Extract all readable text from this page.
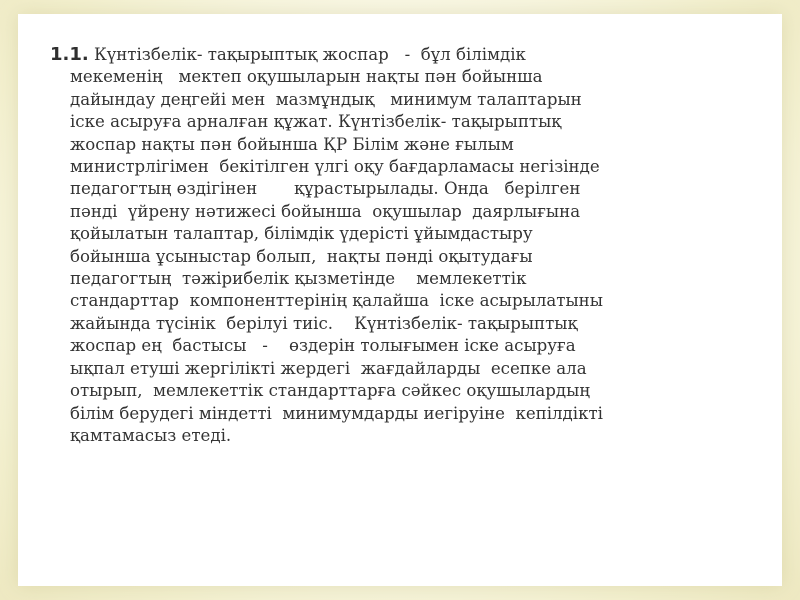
1.1. Күнтізбелік- тақырыптық жоспар   -  бұл білімдік
мекеменің   мектеп оқушыларын нақты пән бойынша
дайындау деңгейі мен  мазмұндық   минимум талаптарын
іске асыруға арналған құжат. Күнтізбелік- тақырыптық
жоспар нақты пән бойынша ҚР Білім және ғылым
министрлігімен  бекітілген үлгі оқу бағдарламасы негізінде
педагогтың өздігінен       құрастырылады. Онда   берілген
пәнді  үйрену нәтижесі бойынша  оқушылар  даярлығына
қойылатын талаптар, білімдік үдерісті ұйымдастыру
бойынша ұсыныстар болып,  нақты пәнді оқытудағы
педагогтың  тәжірибелік қызметінде    мемлекеттік
стандарттар  компоненттерінің қалайша  іске асырылатыны
жайында түсінік  берілуі тиіс.    Күнтізбелік- тақырыптық
жоспар ең  бастысы   -    өздерін толығымен іске асыруға
ықпал етуші жергілікті жердегі  жағдайларды  есепке ала
отырып,  мемлекеттік стандарттарға сәйкес оқушылардың
білім берудегі міндетті  минимумдарды иегіруіне  кепілдікті
қамтамасыз етеді.
